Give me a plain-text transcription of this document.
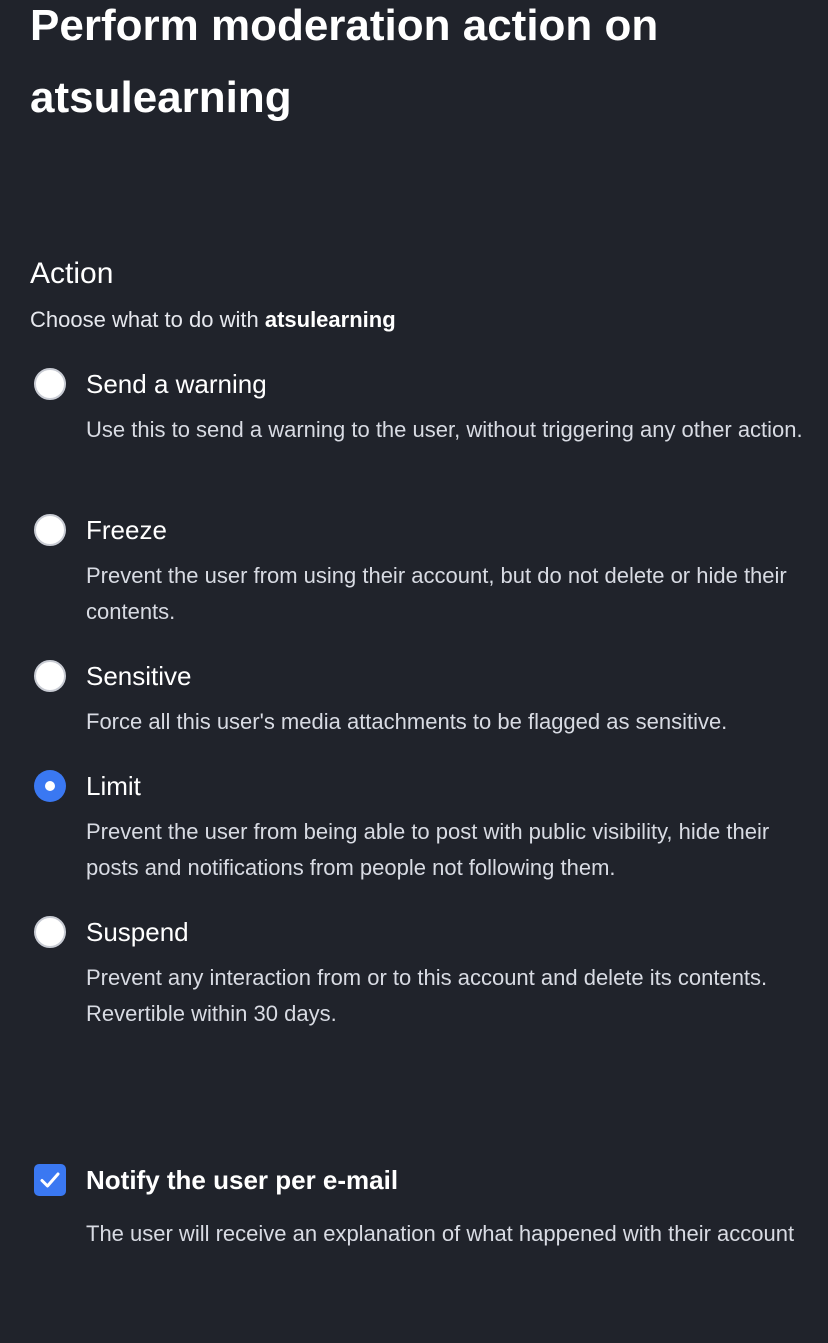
Perform moderation action on atsulearning
Action
Choose what to do with atsulearning
Send a warning
Use this to send a warning to the user, without triggering any other action.
Freeze
Prevent the user from using their account, but do not delete or hide their contents.
Sensitive
Force all this user's media attachments to be flagged as sensitive.
Limit
Prevent the user from being able to post with public visibility, hide their posts and notifications from people not following them.
Suspend
Prevent any interaction from or to this account and delete its contents. Revertible within 30 days.
Notify the user per e-mail
The user will receive an explanation of what happened with their account
